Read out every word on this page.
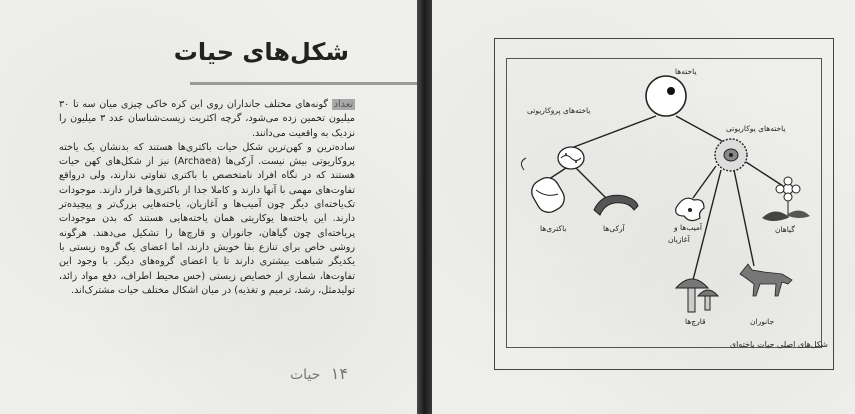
شکل‌های حیات

تعداد گونه‌های مختلف جانداران روی این کره خاکی چیزی میان سه تا ۳۰ میلیون تخمین زده می‌شود، گرچه اکثریت زیست‌شناسان عدد ۳ میلیون را نزدیک به واقعیت می‌دانند.

ساده‌ترین و کهن‌ترین شکل حیات باکتری‌ها هستند که بدنشان یک یاخته پروکاریوتی بیش نیست. آرکی‌ها (Archaea) نیز از شکل‌های کهن حیات هستند که در نگاه افراد نامتخصص با باکتری تفاوتی ندارند، ولی درواقع تفاوت‌های مهمی با آنها دارند و کاملا جدا از باکتری‌ها قرار دارند. موجودات تک‌یاخته‌ای دیگر چون آمیب‌ها و آغازیان، یاخته‌هایی بزرگ‌تر و پیچیده‌تر دارند. این یاخته‌ها یوکاریتی همان یاخته‌هایی هستند که بدن موجودات پریاخته‌ای چون گیاهان، جانوران و قارچ‌ها را تشکیل می‌دهند. هرگونه روشی خاص برای تنازع بقا خویش دارند، اما اعضای یک گروه زیستی با یکدیگر شباهت بیشتری دارند تا با اعضای گروه‌های دیگر. با وجود این تفاوت‌ها، شماری از خصایص زیستی (حس محیط اطراف، دفع مواد زائد، تولیدمثل، رشد، ترمیم و تغذیه) در میان اشکال مختلف حیات مشترک‌اند.

۱۴ حیات
یاخته‌ها
یاخته‌های پروکاریوتی
یاخته‌های یوکاریوتی
باکتری‌ها	آرکی‌ها	آمیب‌ها و
آغازیان
گیاهان
قارچ‌ها	جانوران
شکل‌های اصلی حیات یاخته‌ای
